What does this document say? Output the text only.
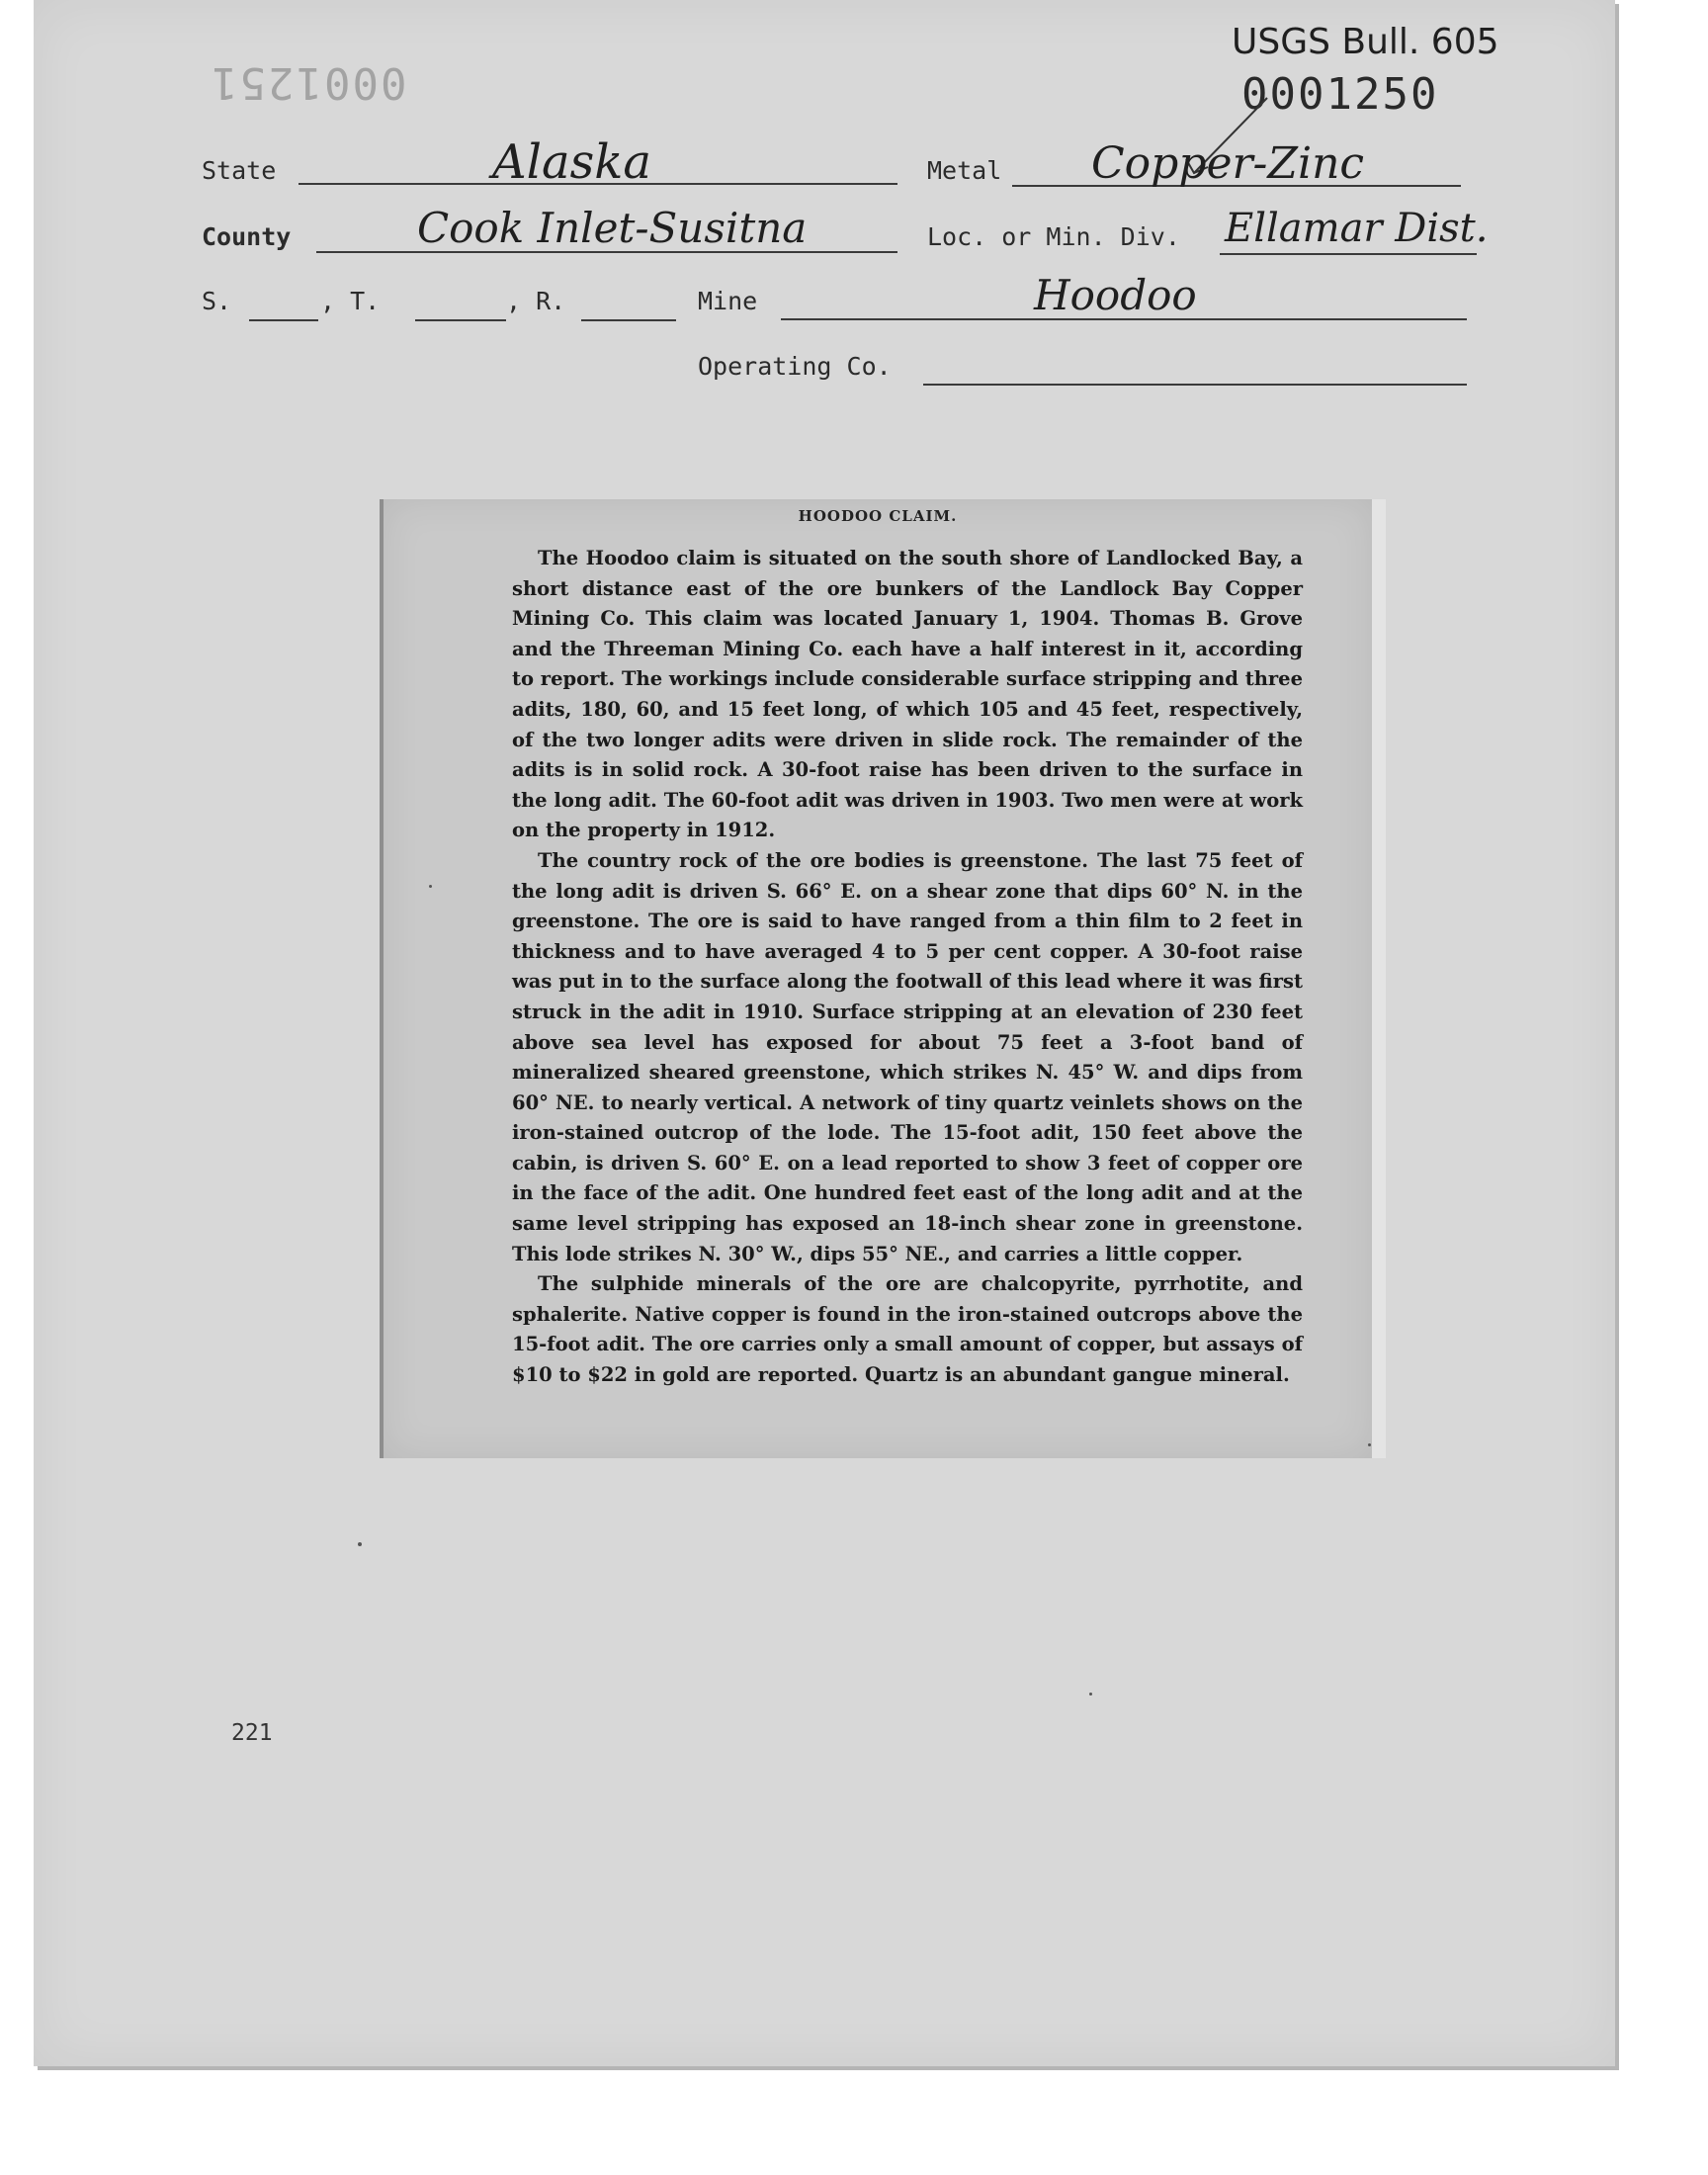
0001251	0001250
USGS Bull. 605
State	Alaska	Metal Copper-Zinc
County	Cook Inlet-Susitna	Loc. or Min. Div. Ellamar Dist.
S.	, T.	, R.	Mine	Hoodoo
Operating Co.
HOODOO CLAIM.

The Hoodoo claim is situated on the south shore of Landlocked Bay, a short distance east of the ore bunkers of the Landlock Bay Copper Mining Co. This claim was located January 1, 1904. Thomas B. Grove and the Threeman Mining Co. each have a half interest in it, according to report. The workings include considerable surface stripping and three adits, 180, 60, and 15 feet long, of which 105 and 45 feet, respectively, of the two longer adits were driven in slide rock. The remainder of the adits is in solid rock. A 30-foot raise has been driven to the surface in the long adit. The 60-foot adit was driven in 1903. Two men were at work on the property in 1912.

The country rock of the ore bodies is greenstone. The last 75 feet of the long adit is driven S. 66° E. on a shear zone that dips 60° N. in the greenstone. The ore is said to have ranged from a thin film to 2 feet in thickness and to have averaged 4 to 5 per cent copper. A 30-foot raise was put in to the surface along the footwall of this lead where it was first struck in the adit in 1910. Surface stripping at an elevation of 230 feet above sea level has exposed for about 75 feet a 3-foot band of mineralized sheared greenstone, which strikes N. 45° W. and dips from 60° NE. to nearly vertical. A network of tiny quartz veinlets shows on the iron-stained outcrop of the lode. The 15-foot adit, 150 feet above the cabin, is driven S. 60° E. on a lead reported to show 3 feet of copper ore in the face of the adit. One hundred feet east of the long adit and at the same level stripping has exposed an 18-inch shear zone in greenstone. This lode strikes N. 30° W., dips 55° NE., and carries a little copper.

The sulphide minerals of the ore are chalcopyrite, pyrrhotite, and sphalerite. Native copper is found in the iron-stained outcrops above the 15-foot adit. The ore carries only a small amount of copper, but assays of $10 to $22 in gold are reported. Quartz is an abundant gangue mineral.

221
